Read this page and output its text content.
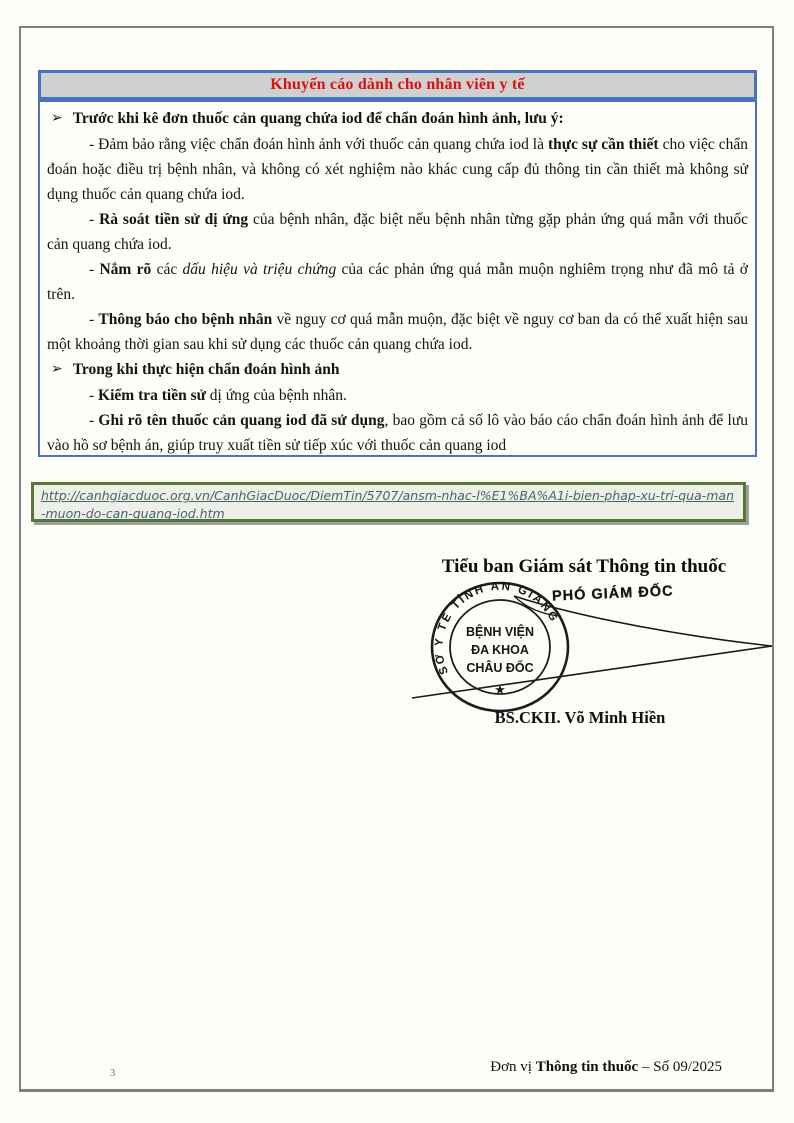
Khuyến cáo dành cho nhân viên y tế
➢ Trước khi kê đơn thuốc cản quang chứa iod để chẩn đoán hình ảnh, lưu ý:
- Đảm bảo rằng việc chẩn đoán hình ảnh với thuốc cản quang chứa iod là thực sự cần thiết cho việc chẩn đoán hoặc điều trị bệnh nhân, và không có xét nghiệm nào khác cung cấp đủ thông tin cần thiết mà không sử dụng thuốc cản quang chứa iod.
- Rà soát tiền sử dị ứng của bệnh nhân, đặc biệt nếu bệnh nhân từng gặp phản ứng quá mẫn với thuốc cản quang chứa iod.
- Nắm rõ các dấu hiệu và triệu chứng của các phản ứng quá mẫn muộn nghiêm trọng như đã mô tả ở trên.
- Thông báo cho bệnh nhân về nguy cơ quá mẫn muộn, đặc biệt về nguy cơ ban da có thể xuất hiện sau một khoảng thời gian sau khi sử dụng các thuốc cản quang chứa iod.
➢ Trong khi thực hiện chẩn đoán hình ảnh
- Kiểm tra tiền sử dị ứng của bệnh nhân.
- Ghi rõ tên thuốc cản quang iod đã sử dụng, bao gồm cả số lô vào báo cáo chẩn đoán hình ảnh để lưu vào hồ sơ bệnh án, giúp truy xuất tiền sử tiếp xúc với thuốc cản quang iod
http://canhgiacduoc.org.vn/CanhGiacDuoc/DiemTin/5707/ansm-nhac-l%E1%BA%A1i-bien-phap-xu-tri-qua-man-muon-do-can-quang-iod.htm
Tiểu ban Giám sát Thông tin thuốc
PHÓ GIÁM ĐỐC
SỞ Y TẾ TỈNH AN GIANG
BỆNH VIỆN
ĐA KHOA
CHÂU ĐỐC
★
BS.CKII. Võ Minh Hiền
3	Đơn vị Thông tin thuốc – Số 09/2025
